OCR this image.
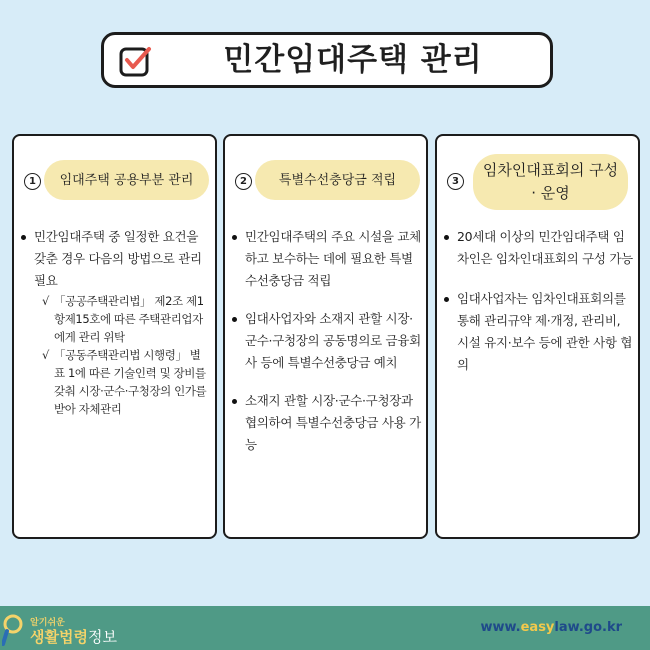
민간임대주택 관리
1	임대주택 공용부분 관리
민간임대주택 중 일정한 요건을 갖춘 경우 다음의 방법으로 관리 필요
√ 「공공주택관리법」 제2조 제1항제15호에 따른 주택관리업자에게 관리 위탁
√ 「공동주택관리법 시행령」 별표 1에 따른 기술인력 및 장비를 갖춰 시장·군수·구청장의 인가를 받아 자체관리
2	특별수선충당금 적립
민간임대주택의 주요 시설을 교체하고 보수하는 데에 필요한 특별수선충당금 적립
임대사업자와 소재지 관할 시장·군수·구청장의 공동명의로 금융회사 등에 특별수선충당금 예치
소재지 관할 시장·군수·구청장과 협의하여 특별수선충당금 사용 가능
3
임차인대표회의 구성 · 운영
20세대 이상의 민간임대주택 임차인은 임차인대표회의 구성 가능
임대사업자는 임차인대표회의를 통해 관리규약 제·개정, 관리비, 시설 유지·보수 등에 관한 사항 협의
알기쉬운
생활법령정보
www.easylaw.go.kr
